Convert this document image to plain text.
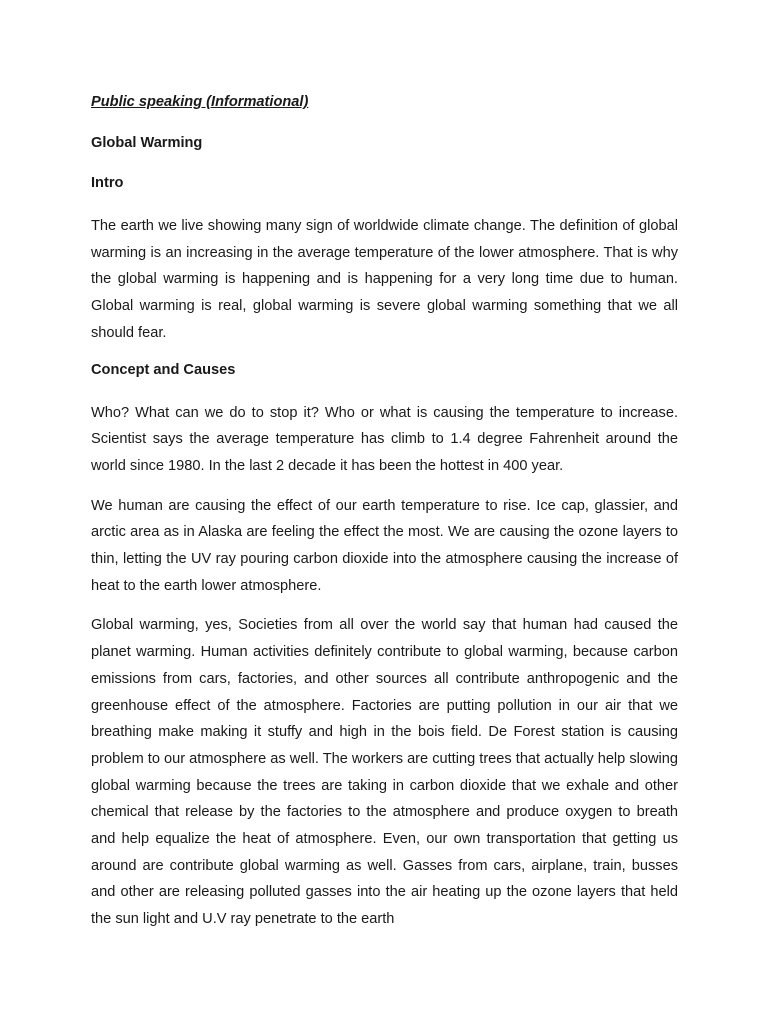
Public speaking (Informational)

Global Warming

Intro

The earth we live showing many sign of worldwide climate change. The definition of global warming is an increasing in the average temperature of the lower atmosphere. That is why the global warming is happening and is happening for a very long time due to human. Global warming is real, global warming is severe global warming something that we all should fear.

Concept and Causes

Who? What can we do to stop it? Who or what is causing the temperature to increase. Scientist says the average temperature has climb to 1.4 degree Fahrenheit around the world since 1980. In the last 2 decade it has been the hottest in 400 year.

We human are causing the effect of our earth temperature to rise. Ice cap, glassier, and arctic area as in Alaska are feeling the effect the most. We are causing the ozone layers to thin, letting the UV ray pouring carbon dioxide into the atmosphere causing the increase of heat to the earth lower atmosphere.

Global warming, yes, Societies from all over the world say that human had caused the planet warming. Human activities definitely contribute to global warming, because carbon emissions from cars, factories, and other sources all contribute anthropogenic and the greenhouse effect of the atmosphere. Factories are putting pollution in our air that we breathing make making it stuffy and high in the bois field. De Forest station is causing problem to our atmosphere as well. The workers are cutting trees that actually help slowing global warming because the trees are taking in carbon dioxide that we exhale and other chemical that release by the factories to the atmosphere and produce oxygen to breath and help equalize the heat of atmosphere. Even, our own transportation that getting us around are contribute global warming as well. Gasses from cars, airplane, train, busses and other are releasing polluted gasses into the air heating up the ozone layers that held the sun light and U.V ray penetrate to the earth
